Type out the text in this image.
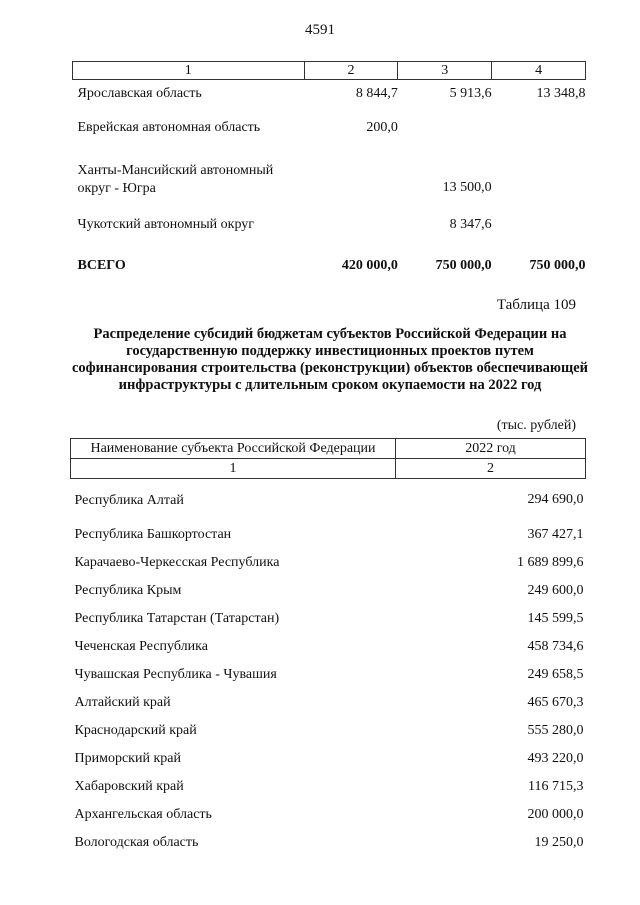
4591
1	2	3	4
Ярославская область	8 844,7	5 913,6	13 348,8
Еврейская автономная область	200,0		
Ханты-Мансийский автономный
округ - Югра		13 500,0	
Чукотский автономный округ		8 347,6	
ВСЕГО	420 000,0	750 000,0	750 000,0
Таблица 109
Распределение субсидий бюджетам субъектов Российской Федерации на государственную поддержку инвестиционных проектов путем софинансирования строительства (реконструкции) объектов обеспечивающей инфраструктуры с длительным сроком окупаемости на 2022 год
(тыс. рублей)
Наименование субъекта Российской Федерации	2022 год
1	2
Республика Алтай	294 690,0
Республика Башкортостан	367 427,1
Карачаево-Черкесская Республика	1 689 899,6
Республика Крым	249 600,0
Республика Татарстан (Татарстан)	145 599,5
Чеченская Республика	458 734,6
Чувашская Республика - Чувашия	249 658,5
Алтайский край	465 670,3
Краснодарский край	555 280,0
Приморский край	493 220,0
Хабаровский край	116 715,3
Архангельская область	200 000,0
Вологодская область	19 250,0
